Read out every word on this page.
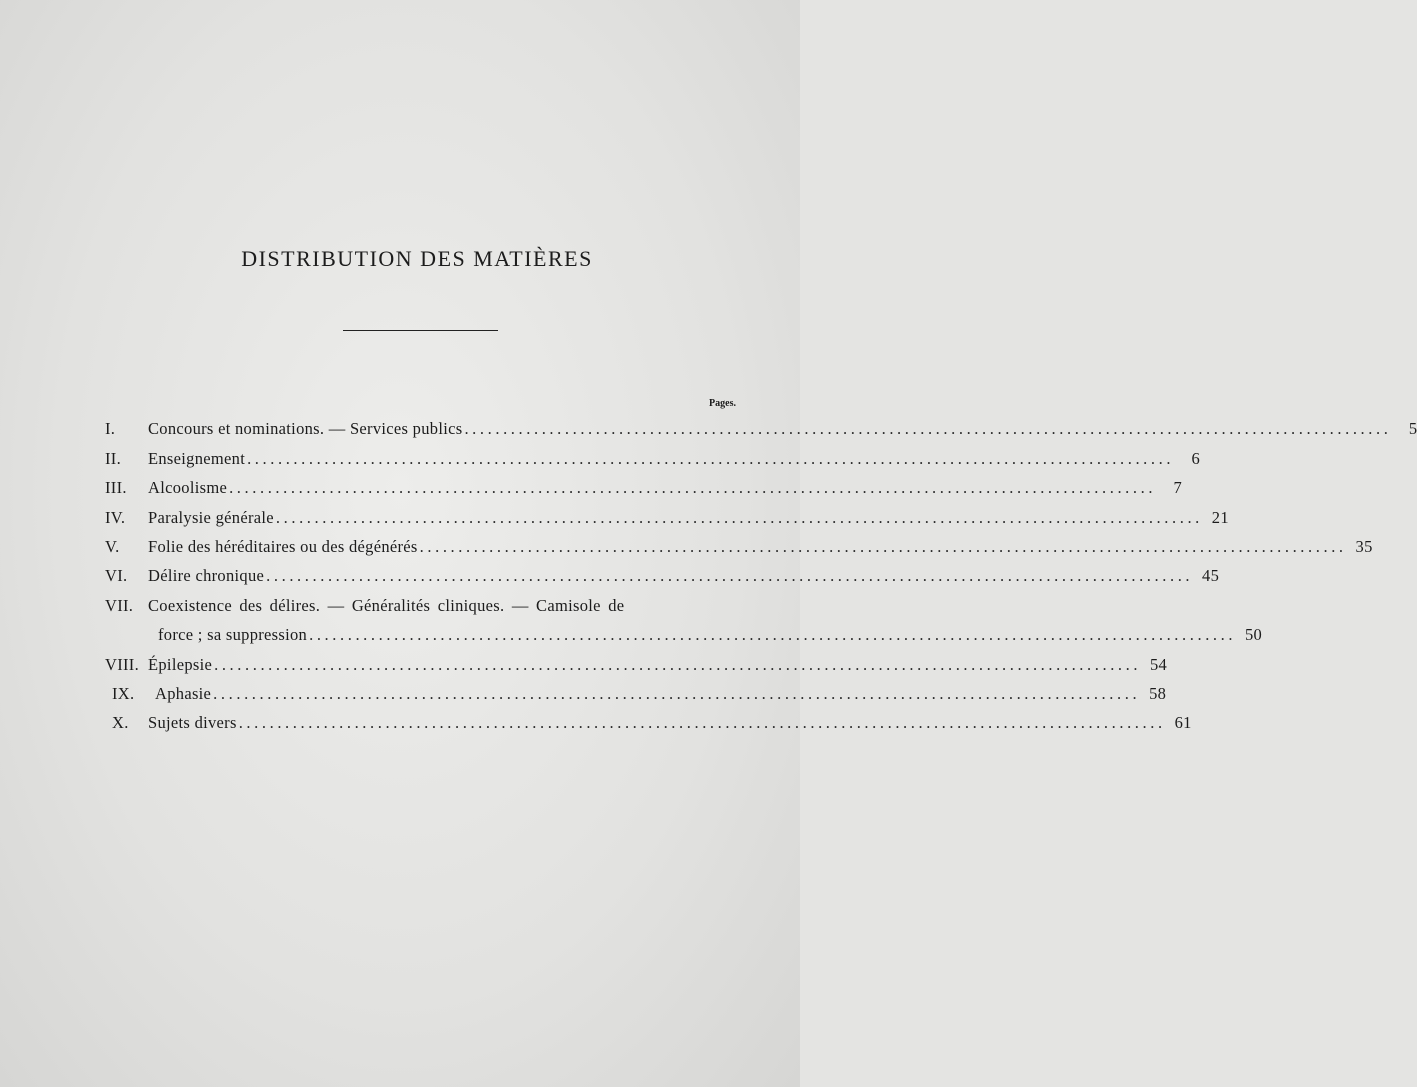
DISTRIBUTION DES MATIÈRES
Pages.
I. Concours et nominations. — Services publics ........................................................................................................................	5
II. Enseignement ........................................................................................................................	6
III. Alcoolisme ........................................................................................................................	7
IV. Paralysie générale ........................................................................................................................ 21
V. Folie des héréditaires ou des dégénérés ........................................................................................................................ 35
VI. Délire chronique ........................................................................................................................ 45
VII. Coexistence des délires. — Généralités cliniques. — Camisole de
force ; sa suppression ........................................................................................................................ 50
VIII. Épilepsie ........................................................................................................................ 54
IX. Aphasie ........................................................................................................................ 58
X. Sujets divers ........................................................................................................................ 61
